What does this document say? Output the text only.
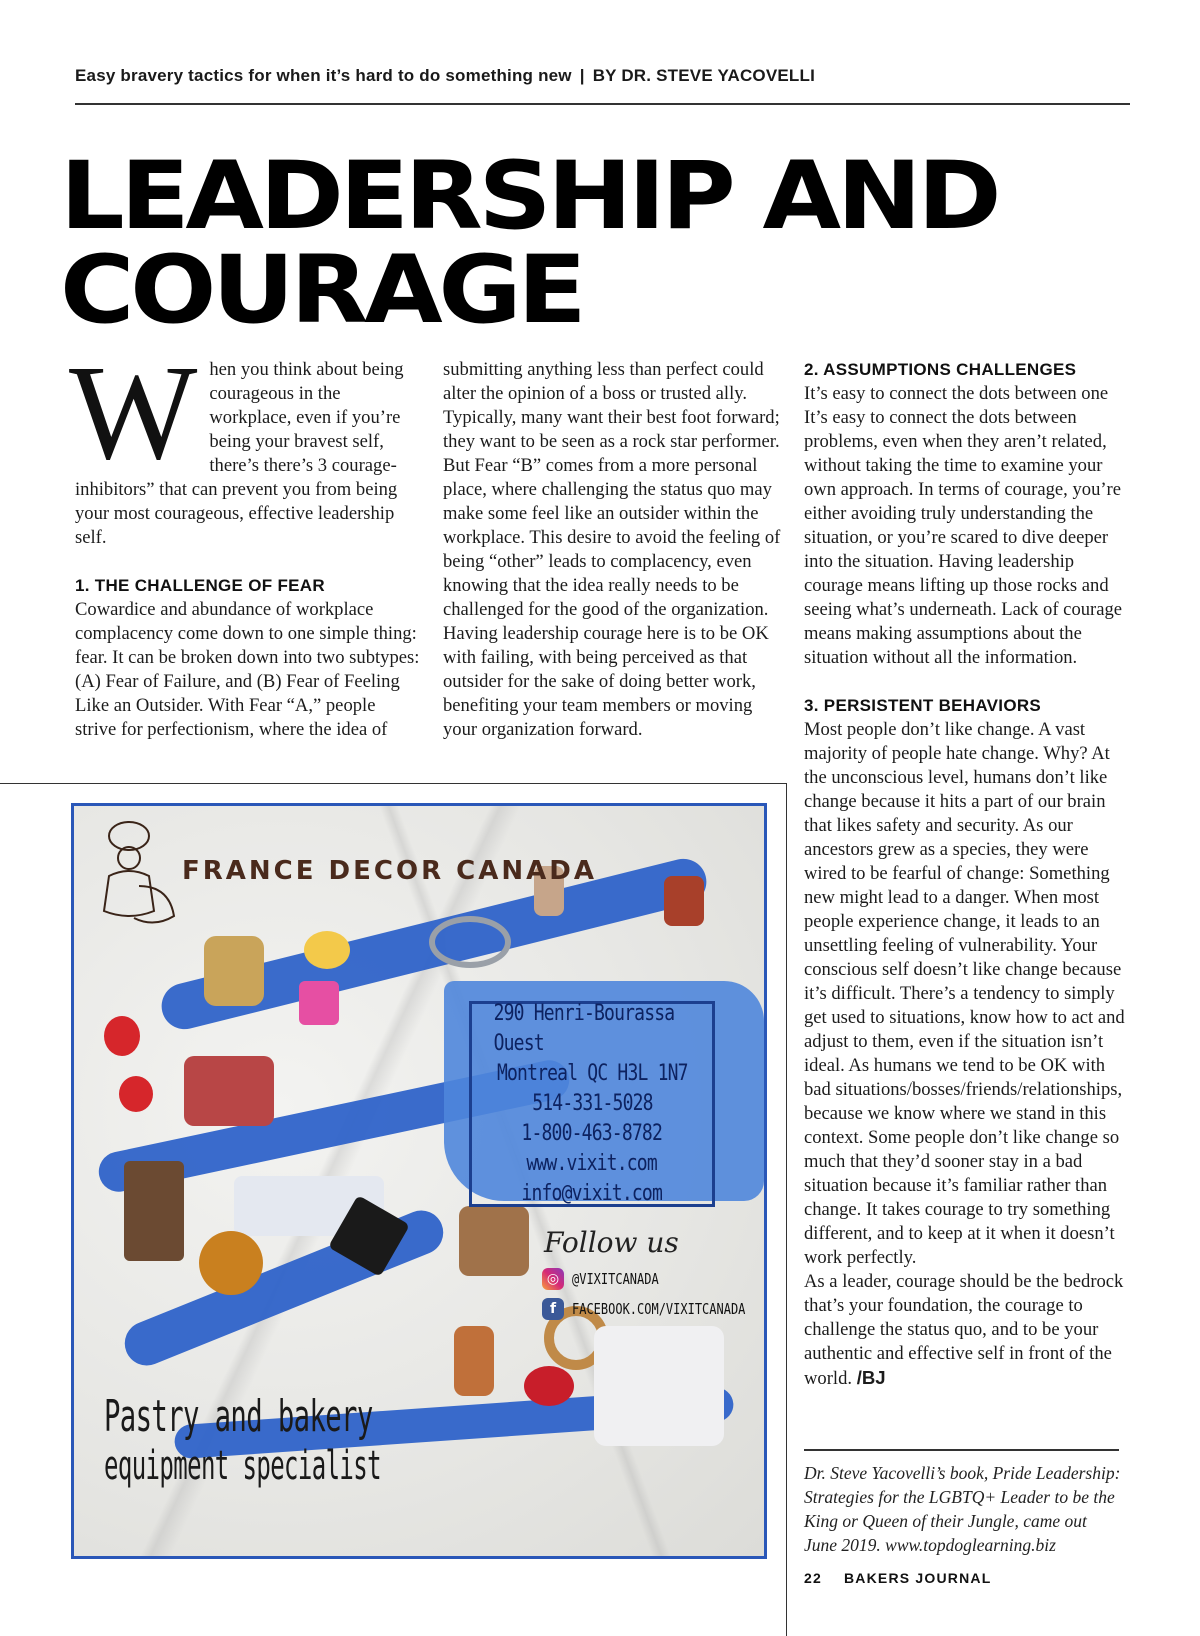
Easy bravery tactics for when it’s hard to do something new | BY DR. STEVE YACOVELLI
LEADERSHIP AND
COURAGE

When you think about being courageous in the workplace, even if you’re being your bravest self, there’s there’s 3 courage-inhibitors” that can prevent you from being your most courageous, effective leadership self.

1. THE CHALLENGE OF FEAR

Cowardice and abundance of workplace complacency come down to one simple thing: fear. It can be broken down into two subtypes: (A) Fear of Failure, and (B) Fear of Feeling Like an Outsider. With Fear “A,” people strive for perfectionism, where the idea of

submitting anything less than perfect could alter the opinion of a boss or trusted ally. Typically, many want their best foot forward; they want to be seen as a rock star performer. But Fear “B” comes from a more personal place, where challenging the status quo may make some feel like an outsider within the workplace. This desire to avoid the feeling of being “other” leads to complacency, even knowing that the idea really needs to be challenged for the good of the organization. Having leadership courage here is to be OK with failing, with being perceived as that outsider for the sake of doing better work, benefiting your team members or moving your organization forward.

2. ASSUMPTIONS CHALLENGES

It’s easy to connect the dots between one It’s easy to connect the dots between problems, even when they aren’t related, without taking the time to examine your own approach. In terms of courage, you’re either avoiding truly understanding the situation, or you’re scared to dive deeper into the situation. Having leadership courage means lifting up those rocks and seeing what’s underneath. Lack of courage means making assumptions about the situation without all the information.

3. PERSISTENT BEHAVIORS

Most people don’t like change. A vast majority of people hate change. Why? At the unconscious level, humans don’t like change because it hits a part of our brain that likes safety and security. As our ancestors grew as a species, they were wired to be fearful of change: Something new might lead to a danger. When most people experience change, it leads to an unsettling feeling of vulnerability. Your conscious self doesn’t like change because it’s difficult. There’s a tendency to simply get used to situations, know how to act and adjust to them, even if the situation isn’t ideal. As humans we tend to be OK with bad situations/bosses/friends/relationships, because we know where we stand in this context. Some people don’t like change so much that they’d sooner stay in a bad situation because it’s familiar rather than change. It takes courage to try something different, and to keep at it when it doesn’t work perfectly.

As a leader, courage should be the bedrock that’s your foundation, the courage to challenge the status quo, and to be your authentic and effective self in front of the world. /BJ

Dr. Steve Yacovelli’s book, Pride Leadership: Strategies for the LGBTQ+ Leader to be the King or Queen of their Jungle, came out June 2019. www.topdoglearning.biz
22 BAKERS JOURNAL
FRANCE DECOR CANADA
290 Henri-Bourassa Ouest
Montreal QC H3L 1N7
514-331-5028
1-800-463-8782
www.vixit.com
info@vixit.com
Follow us
◎ @VIXITCANADA
f	FACEBOOK.COM/VIXITCANADA
Pastry and bakery
equipment specialist
